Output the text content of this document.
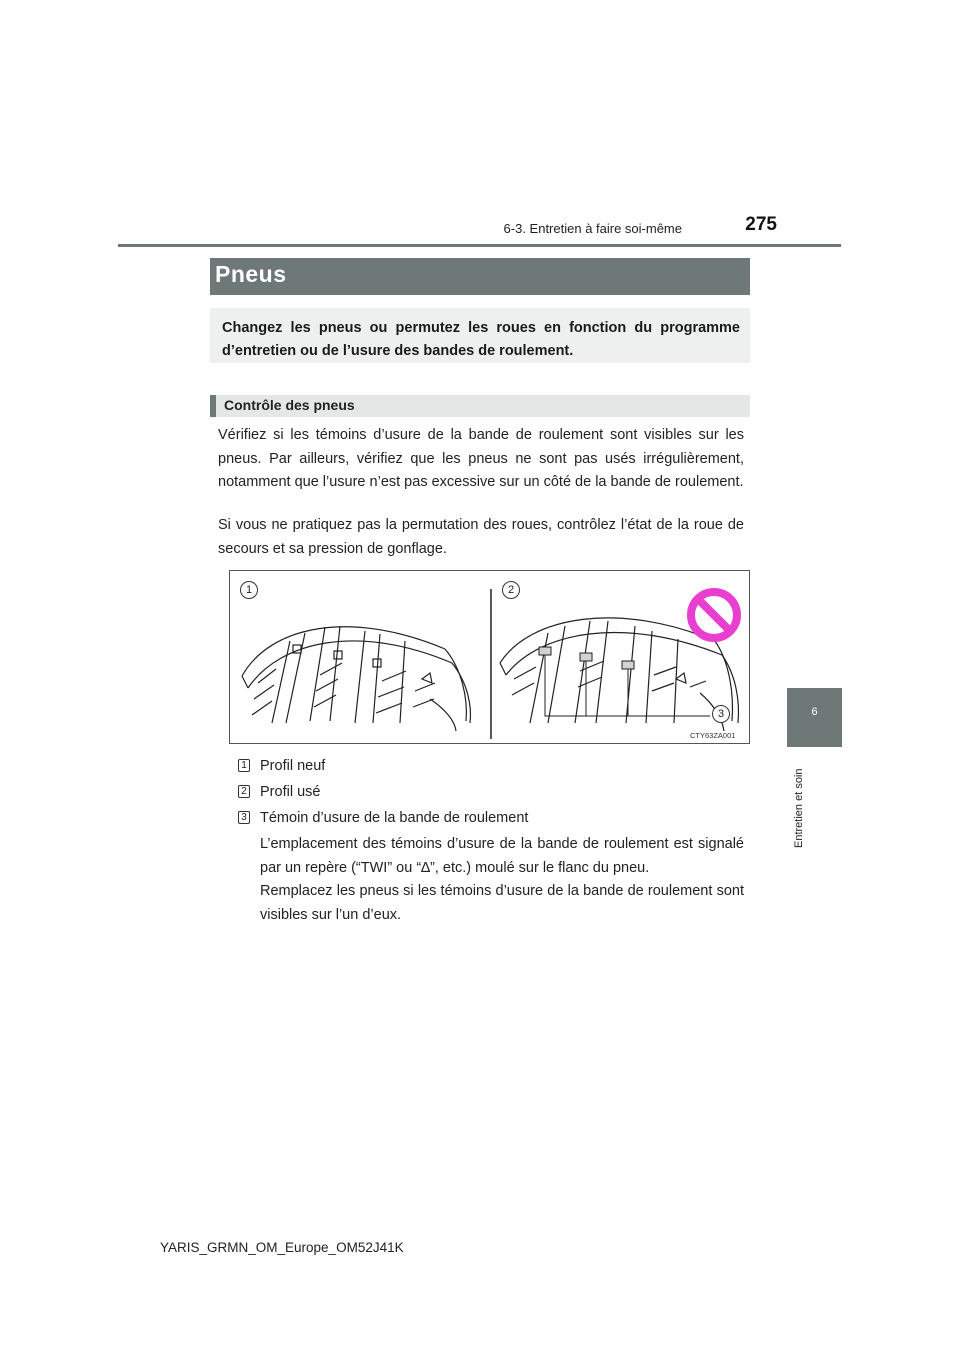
6-3. Entretien à faire soi-même	275
6
Entretien et soin
Pneus
Changez les pneus ou permutez les roues en fonction du programme d’entretien ou de l’usure des bandes de roulement.
Contrôle des pneus
Vérifiez si les témoins d’usure de la bande de roulement sont visibles sur les pneus. Par ailleurs, vérifiez que les pneus ne sont pas usés irrégulièrement, notamment que l’usure n’est pas excessive sur un côté de la bande de roulement.
Si vous ne pratiquez pas la permutation des roues, contrôlez l’état de la roue de secours et sa pression de gonflage.
1	2
3
CTY63ZA001
1 Profil neuf
2 Profil usé
3 Témoin d’usure de la bande de roulement
L’emplacement des témoins d’usure de la bande de roulement est signalé par un repère (“TWI” ou “∆”, etc.) moulé sur le flanc du pneu.
Remplacez les pneus si les témoins d’usure de la bande de roulement sont visibles sur l’un d’eux.
YARIS_GRMN_OM_Europe_OM52J41K
